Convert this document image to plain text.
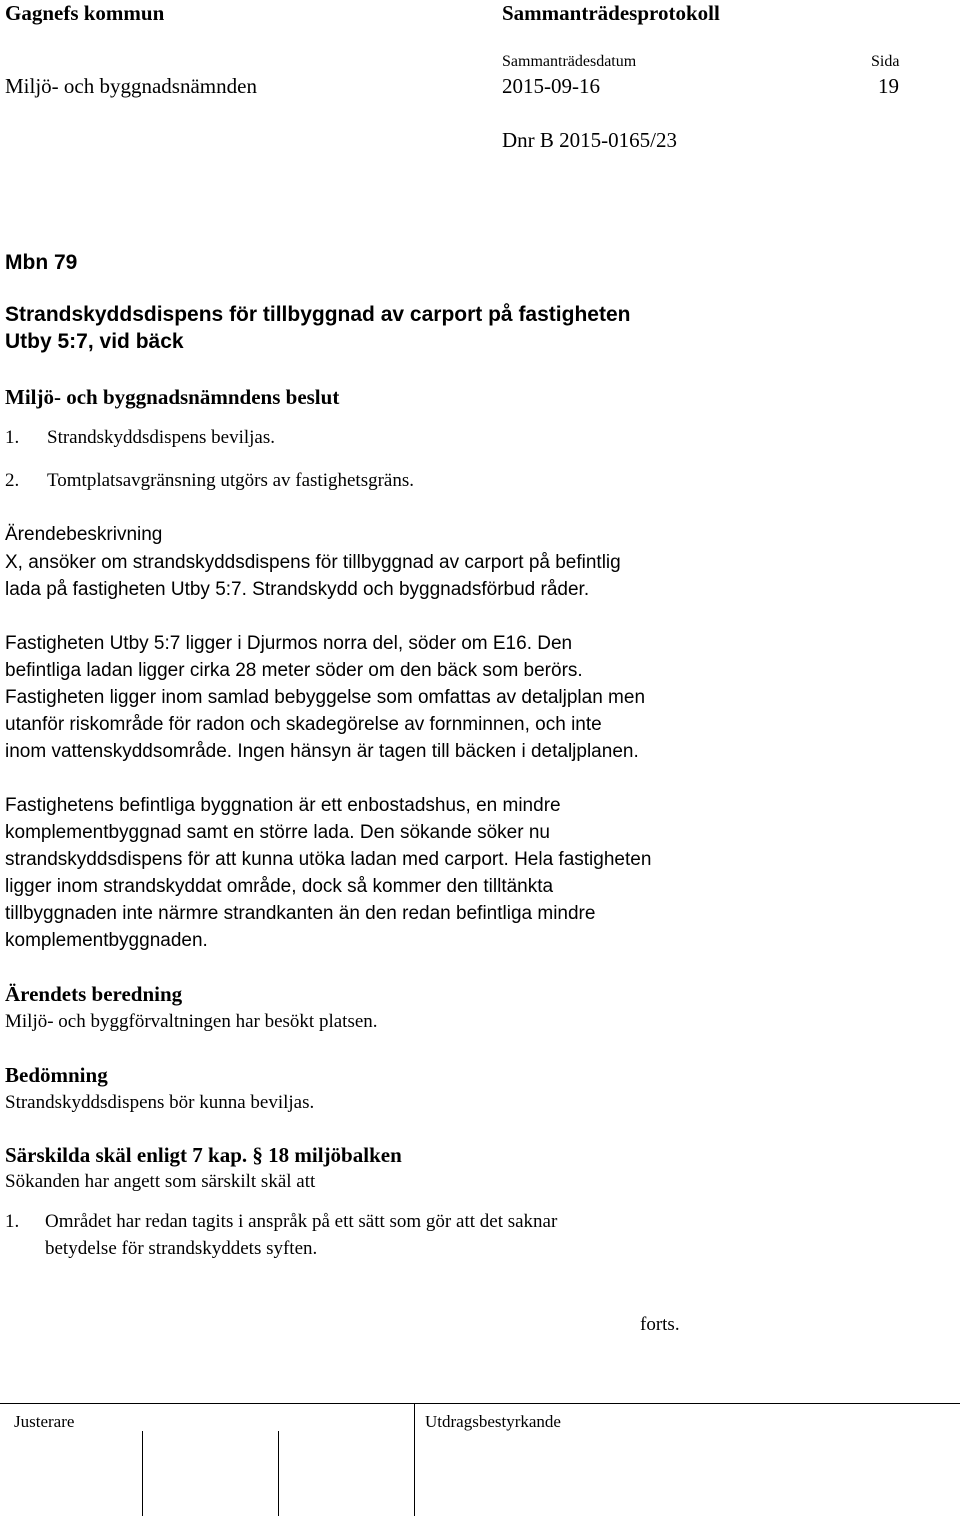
Gagnefs kommun	Sammanträdesprotokoll
Sammanträdesdatum	Sida
Miljö- och byggnadsnämnden	2015-09-16	19
Dnr B 2015-0165/23
Mbn 79
Strandskyddsdispens för tillbyggnad av carport på fastigheten
Utby 5:7, vid bäck
Miljö- och byggnadsnämndens beslut
1. Strandskyddsdispens beviljas.
2. Tomtplatsavgränsning utgörs av fastighetsgräns.
Ärendebeskrivning
X, ansöker om strandskyddsdispens för tillbyggnad av carport på befintlig
lada på fastigheten Utby 5:7. Strandskydd och byggnadsförbud råder.
Fastigheten Utby 5:7 ligger i Djurmos norra del, söder om E16. Den
befintliga ladan ligger cirka 28 meter söder om den bäck som berörs.
Fastigheten ligger inom samlad bebyggelse som omfattas av detaljplan men
utanför riskområde för radon och skadegörelse av fornminnen, och inte
inom vattenskyddsområde. Ingen hänsyn är tagen till bäcken i detaljplanen.
Fastighetens befintliga byggnation är ett enbostadshus, en mindre
komplementbyggnad samt en större lada. Den sökande söker nu
strandskyddsdispens för att kunna utöka ladan med carport. Hela fastigheten
ligger inom strandskyddat område, dock så kommer den tilltänkta
tillbyggnaden inte närmre strandkanten än den redan befintliga mindre
komplementbyggnaden.
Ärendets beredning
Miljö- och byggförvaltningen har besökt platsen.
Bedömning
Strandskyddsdispens bör kunna beviljas.
Särskilda skäl enligt 7 kap. § 18 miljöbalken
Sökanden har angett som särskilt skäl att
1. Området har redan tagits i anspråk på ett sätt som gör att det saknar
betydelse för strandskyddets syften.
forts.
Justerare	Utdragsbestyrkande
